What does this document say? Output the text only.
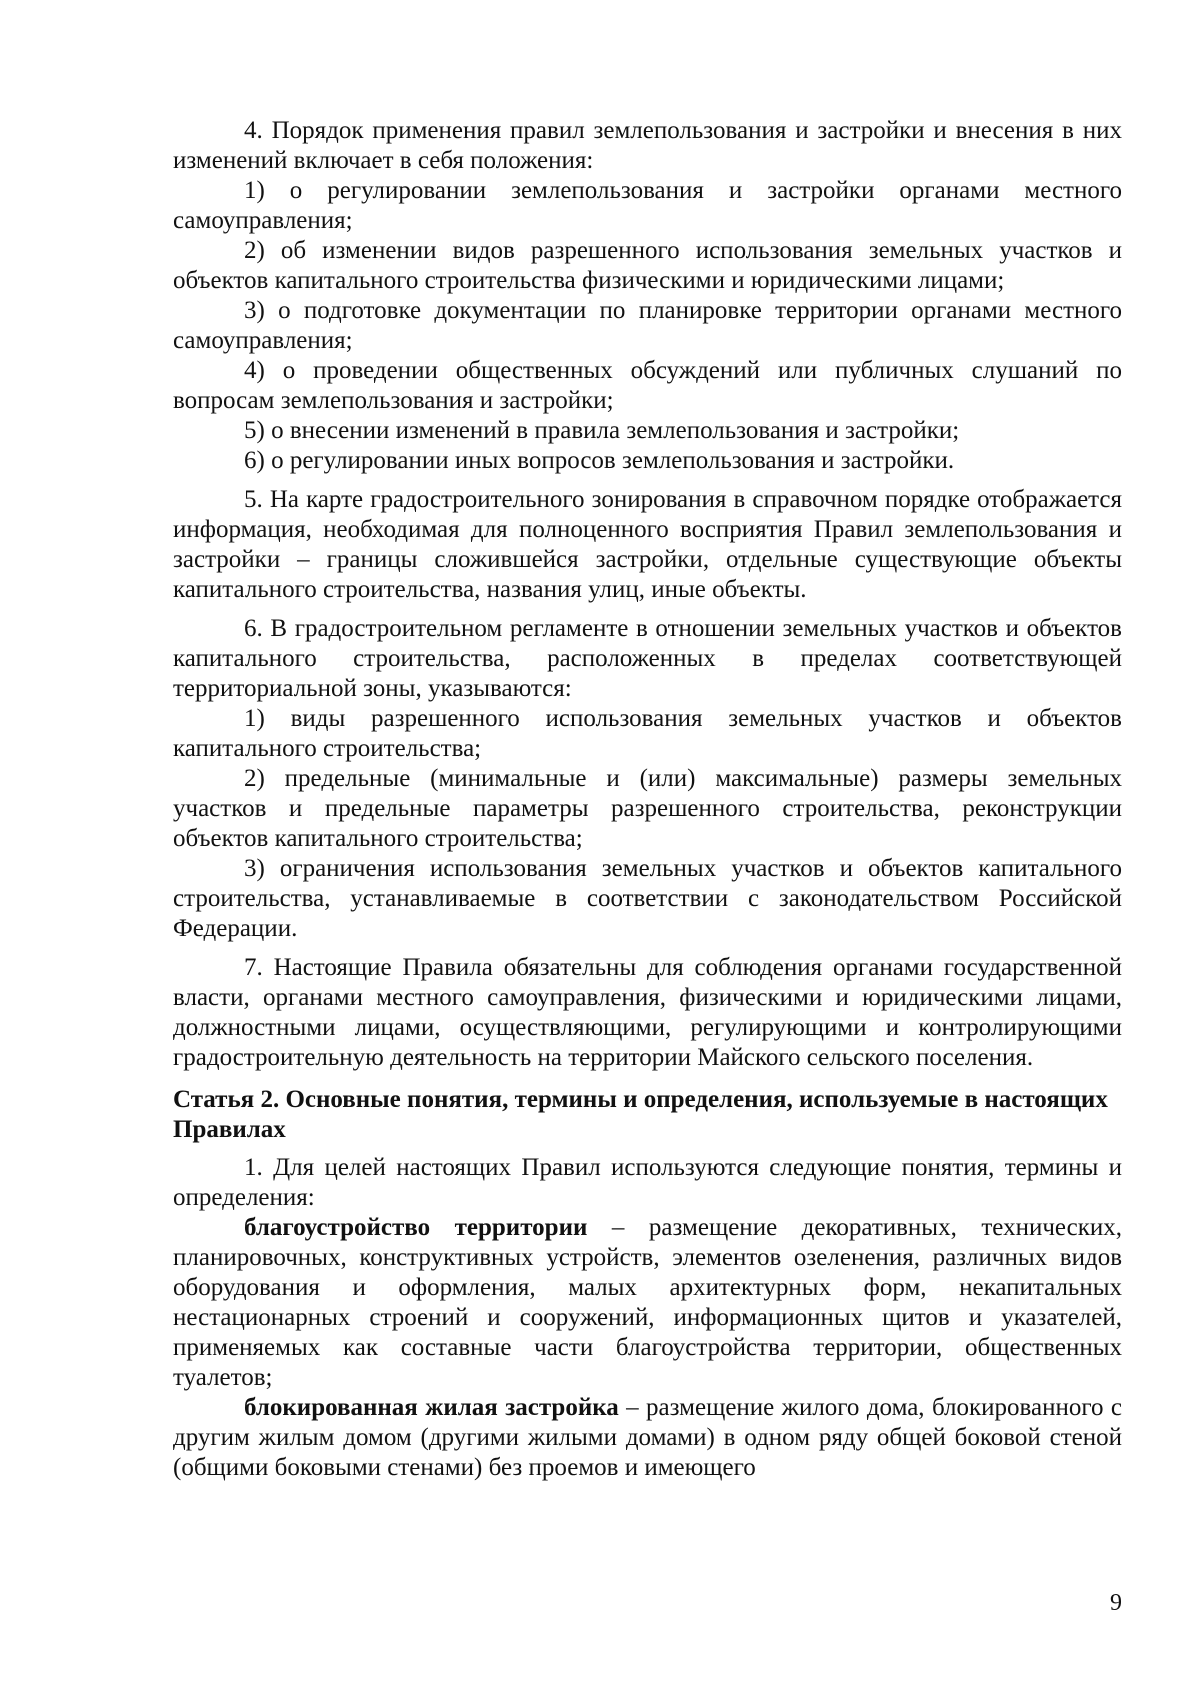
4. Порядок применения правил землепользования и застройки и внесения в них изменений включает в себя положения:

1) о регулировании землепользования и застройки органами местного самоуправления;

2) об изменении видов разрешенного использования земельных участков и объектов капитального строительства физическими и юридическими лицами;

3) о подготовке документации по планировке территории органами местного самоуправления;

4) о проведении общественных обсуждений или публичных слушаний по вопросам землепользования и застройки;

5) о внесении изменений в правила землепользования и застройки;

6) о регулировании иных вопросов землепользования и застройки.

5. На карте градостроительного зонирования в справочном порядке отображается информация, необходимая для полноценного восприятия Правил землепользования и застройки – границы сложившейся застройки, отдельные существующие объекты капитального строительства, названия улиц, иные объекты.

6. В градостроительном регламенте в отношении земельных участков и объектов капитального строительства, расположенных в пределах соответствующей территориальной зоны, указываются:

1) виды разрешенного использования земельных участков и объектов капитального строительства;

2) предельные (минимальные и (или) максимальные) размеры земельных участков и предельные параметры разрешенного строительства, реконструкции объектов капитального строительства;

3) ограничения использования земельных участков и объектов капитального строительства, устанавливаемые в соответствии с законодательством Российской Федерации.

7. Настоящие Правила обязательны для соблюдения органами государственной власти, органами местного самоуправления, физическими и юридическими лицами, должностными лицами, осуществляющими, регулирующими и контролирующими градостроительную деятельность на территории Майского сельского поселения.

Статья 2. Основные понятия, термины и определения, используемые в настоящих Правилах

1. Для целей настоящих Правил используются следующие понятия, термины и определения:

благоустройство территории – размещение декоративных, технических, планировочных, конструктивных устройств, элементов озеленения, различных видов оборудования и оформления, малых архитектурных форм, некапитальных нестационарных строений и сооружений, информационных щитов и указателей, применяемых как составные части благоустройства территории, общественных туалетов;

блокированная жилая застройка – размещение жилого дома, блокированного с другим жилым домом (другими жилыми домами) в одном ряду общей боковой стеной (общими боковыми стенами) без проемов и имеющего

9
